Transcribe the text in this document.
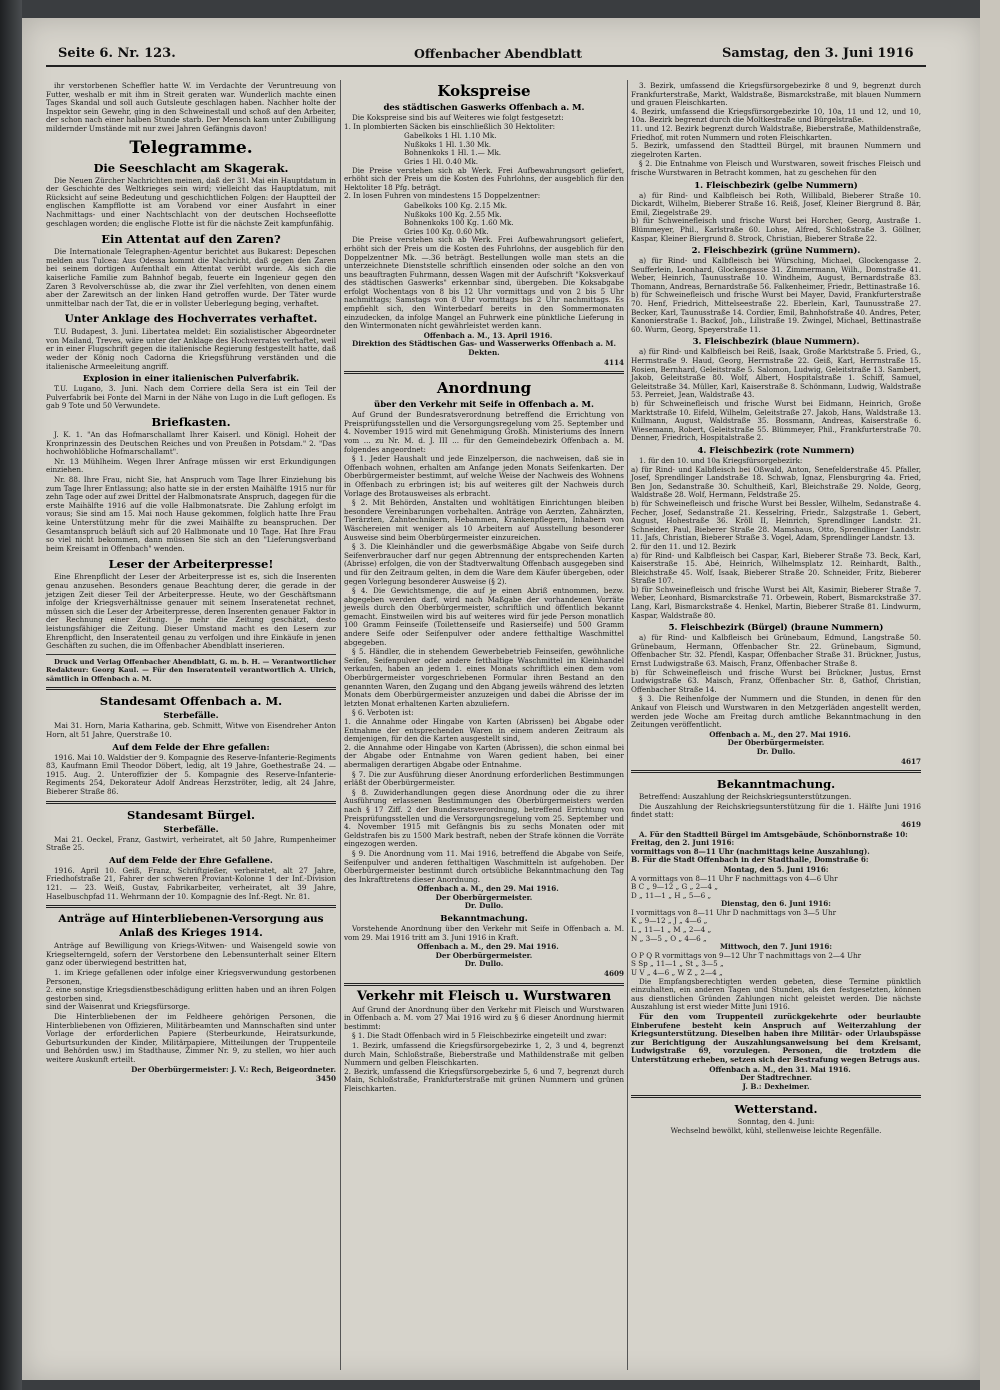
Seite 6. Nr. 123.	Offenbacher Abendblatt	Samstag, den 3. Juni 1916

ihr verstorbenen Scheffler hatte W. im Verdachte der Veruntreuung von Futter, weshalb er mit ihm in Streit geraten war. Wunderlich machte einen Tages Skandal und soll auch Gutsleute geschlagen haben. Nachher holte der Inspektor sein Gewehr, ging in den Schweinestall und schoß auf den Arbeiter, der schon nach einer halben Stunde starb. Der Mensch kam unter Zubilligung mildernder Umstände mit nur zwei Jahren Gefängnis davon!

Telegramme.
Die Seeschlacht am Skagerak.

Die Neuen Zürcher Nachrichten meinen, daß der 31. Mai ein Hauptdatum in der Geschichte des Weltkrieges sein wird; vielleicht das Hauptdatum, mit Rücksicht auf seine Bedeutung und geschichtlichen Folgen: der Hauptteil der englischen Kampfflotte ist am Vorabend vor einer Ausfahrt in einer Nachmittags- und einer Nachtschlacht von der deutschen Hochseeflotte geschlagen worden; die englische Flotte ist für die nächste Zeit kampfunfähig.

Ein Attentat auf den Zaren?

Die Internationale Telegraphen-Agentur berichtet aus Bukarest: Depeschen melden aus Tulcea: Aus Odessa kommt die Nachricht, daß gegen den Zaren bei seinem dortigen Aufenthalt ein Attentat verübt wurde. Als sich die kaiserliche Familie zum Bahnhof begab, feuerte ein Ingenieur gegen den Zaren 3 Revolverschüsse ab, die zwar ihr Ziel verfehlten, von denen einem aber der Zarewitsch an der linken Hand getroffen wurde. Der Täter wurde unmittelbar nach der Tat, die er in vollster Ueberlegung beging, verhaftet.

Unter Anklage des Hochverrates verhaftet.

T.U. Budapest, 3. Juni. Libertatea meldet: Ein sozialistischer Abgeordneter von Mailand, Treves, wäre unter der Anklage des Hochverrates verhaftet, weil er in einer Flugschrift gegen die italienische Regierung festgestellt hatte, daß weder der König noch Cadorna die Kriegsführung verständen und die italienische Armeeleitung angriff.

Explosion in einer italienischen Pulverfabrik.

T.U. Lugano, 3. Juni. Nach dem Corriere della Sera ist ein Teil der Pulverfabrik bei Fonte del Marni in der Nähe von Lugo in die Luft geflogen. Es gab 9 Tote und 50 Verwundete.

Briefkasten.

J. K. 1. "An das Hofmarschallamt Ihrer Kaiserl. und Königl. Hoheit der Kronprinzessin des Deutschen Reiches und von Preußen in Potsdam." 2. "Das hochwohlöbliche Hofmarschallamt".

Nr. 13 Mühlheim. Wegen Ihrer Anfrage müssen wir erst Erkundigungen einziehen.

Nr. 88. Ihre Frau, nicht Sie, hat Anspruch vom Tage Ihrer Einziehung bis zum Tage Ihrer Entlassung; also hatte sie in der ersten Maihälfte 1915 nur für zehn Tage oder auf zwei Drittel der Halbmonatsrate Anspruch, dagegen für die erste Maihälfte 1916 auf die volle Halbmonatsrate. Die Zahlung erfolgt im voraus; Sie sind am 15. Mai noch Hause gekommen, folglich hatte Ihre Frau keine Unterstützung mehr für die zwei Maihälfte zu beanspruchen. Der Gesamtanspruch beläuft sich auf 20 Halbmonate und 10 Tage. Hat Ihre Frau so viel nicht bekommen, dann müssen Sie sich an den "Lieferungsverband beim Kreisamt in Offenbach" wenden.

Leser der Arbeiterpresse!

Eine Ehrenpflicht der Leser der Arbeiterpresse ist es, sich die Inserenten genau anzusehen. Besonders genaue Beachtung derer, die gerade in der jetzigen Zeit dieser Teil der Arbeiterpresse. Heute, wo der Geschäftsmann infolge der Kriegsverhältnisse genauer mit seinem Inseratenetat rechnet, müssen sich die Leser der Arbeiterpresse, deren Inserenten genauer Faktor in der Rechnung einer Zeitung. Je mehr die Zeitung geschätzt, desto leistungsfähiger die Zeitung. Dieser Umstand macht es den Lesern zur Ehrenpflicht, den Inseratenteil genau zu verfolgen und ihre Einkäufe in jenen Geschäften zu suchen, die im Offenbacher Abendblatt inserieren.

Druck und Verlag Offenbacher Abendblatt, G. m. b. H. — Verantwortlicher Redakteur: Georg Kaul. — Für den Inseratenteil verantwortlich A. Ulrich, sämtlich in Offenbach a. M.

Standesamt Offenbach a. M.
Sterbefälle.

Mai 31. Horn, Maria Katharina, geb. Schmitt, Witwe von Eisendreher Anton Horn, alt 51 Jahre, Querstraße 10.

Auf dem Felde der Ehre gefallen:

1916. Mai 10. Waldstier der 9. Kompagnie des Reserve-Infanterie-Regiments 83, Kaufmann Emil Theodor Döbert, ledig, alt 19 Jahre, Goethestraße 24. — 1915. Aug. 2. Unteroffizier der 5. Kompagnie des Reserve-Infanterie-Regiments 254, Dekorateur Adolf Andreas Herzströter, ledig, alt 24 Jahre, Bieberer Straße 86.

Standesamt Bürgel.
Sterbefälle.

Mai 21. Oeckel, Franz, Gastwirt, verheiratet, alt 50 Jahre, Rumpenheimer Straße 25.

Auf dem Felde der Ehre Gefallene.

1916. April 10. Geiß, Franz, Schriftgießer, verheiratet, alt 27 Jahre, Friedhofstraße 21, Fahrer der schweren Proviant-Kolonne 1 der Inf.-Division 121. — 23. Weiß, Gustav, Fabrikarbeiter, verheiratet, alt 39 Jahre, Haselbuschpfad 11. Wehrmann der 10. Kompagnie des Inf.-Regt. Nr. 81.

Anträge auf Hinterbliebenen-Versorgung aus Anlaß des Krieges 1914.

Anträge auf Bewilligung von Kriegs-Witwen- und Waisengeld sowie von Kriegselterngeld, sofern der Verstorbene den Lebensunterhalt seiner Eltern ganz oder überwiegend bestritten hat,

1. im Kriege gefallenen oder infolge einer Kriegsverwundung gestorbenen Personen,
2. eine sonstige Kriegsdienstbeschädigung erlitten haben und an ihren Folgen gestorben sind,
sind der Waisenrat und Kriegsfürsorge.

Die Hinterbliebenen der im Feldheere gehörigen Personen, die Hinterbliebenen von Offizieren, Militärbeamten und Mannschaften sind unter Vorlage der erforderlichen Papiere (Sterbeurkunde, Heiratsurkunde, Geburtsurkunden der Kinder, Militärpapiere, Mitteilungen der Truppenteile und Behörden usw.) im Stadthause, Zimmer Nr. 9, zu stellen, wo hier auch weitere Auskunft erteilt.

Der Oberbürgermeister: J. V.: Rech, Beigeordneter.

3450

Kokspreise
des städtischen Gaswerks Offenbach a. M.

Die Kokspreise sind bis auf Weiteres wie folgt festgesetzt:
1. In plombierten Säcken bis einschließlich 30 Hektoliter:

Gabelkoks 1 Hl. 1.10 Mk.
Nußkoks 1 Hl. 1.30 Mk.
Bohnenkoks 1 Hl. 1.— Mk.
Gries 1 Hl. 0.40 Mk.

Die Preise verstehen sich ab Werk. Frei Aufbewahrungsort geliefert, erhöht sich der Preis um die Kosten des Fuhrlohns, der ausgeblich für den Hektoliter 18 Pfg. beträgt.
2. In losen Fuhren von mindestens 15 Doppelzentner:

Gabelkoks 100 Kg. 2.15 Mk.
Nußkoks 100 Kg. 2.55 Mk.
Bohnenkoks 100 Kg. 1.60 Mk.
Gries 100 Kg. 0.60 Mk.

Die Preise verstehen sich ab Werk. Frei Aufbewahrungsort geliefert, erhöht sich der Preis um die Kosten des Fuhrlohns, der ausgeblich für den Doppelzentner Mk. —.36 beträgt. Bestellungen wolle man stets an die unterzeichnete Dienststelle schriftlich einsenden oder solche an den von uns beauftragten Fuhrmann, dessen Wagen mit der Aufschrift "Koksverkauf des städtischen Gaswerks" erkennbar sind, übergeben. Die Koksabgabe erfolgt Wochentags von 8 bis 12 Uhr vormittags und von 2 bis 5 Uhr nachmittags; Samstags von 8 Uhr vormittags bis 2 Uhr nachmittags. Es empfiehlt sich, den Winterbedarf bereits in den Sommermonaten einzudecken, da infolge Mangel an Fuhrwerk eine pünktliche Lieferung in den Wintermonaten nicht gewährleistet werden kann.

Offenbach a. M., 13. April 1916.
Direktion des Städtischen Gas- und Wasserwerks Offenbach a. M.
Dekten.

4114

Anordnung
über den Verkehr mit Seife in Offenbach a. M.

Auf Grund der Bundesratsverordnung betreffend die Errichtung von Preisprüfungsstellen und die Versorgungsregelung vom 25. September und 4. November 1915 wird mit Genehmigung Großh. Ministeriums des Innern vom ... zu Nr. M. d. J. III ... für den Gemeindebezirk Offenbach a. M. folgendes angeordnet:

§ 1. Jeder Haushalt und jede Einzelperson, die nachweisen, daß sie in Offenbach wohnen, erhalten am Anfange jeden Monats Seifenkarten. Der Oberbürgermeister bestimmt, auf welche Weise der Nachweis des Wohnens in Offenbach zu erbringen ist; bis auf weiteres gilt der Nachweis durch Vorlage des Brotausweises als erbracht.

§ 2. Mit Behörden, Anstalten und wohltätigen Einrichtungen bleiben besondere Vereinbarungen vorbehalten. Anträge von Aerzten, Zahnärzten, Tierärzten, Zahntechnikern, Hebammen, Krankenpflegern, Inhabern von Wäschereien mit weniger als 10 Arbeitern auf Ausstellung besonderer Ausweise sind beim Oberbürgermeister einzureichen.

§ 3. Die Kleinhändler und die gewerbsmäßige Abgabe von Seife durch Seifenverbraucher darf nur gegen Abtrennung der entsprechenden Karten (Abrisse) erfolgen, die von der Stadtverwaltung Offenbach ausgegeben sind und für den Zeitraum gelten, in dem die Ware dem Käufer übergeben, oder gegen Vorlegung besonderer Ausweise (§ 2).

§ 4. Die Gewichtsmenge, die auf je einen Abriß entnommen, bezw. abgegeben werden darf, wird nach Maßgabe der vorhandenen Vorräte jeweils durch den Oberbürgermeister, schriftlich und öffentlich bekannt gemacht. Einstweilen wird bis auf weiteres wird für jede Person monatlich 100 Gramm Feinseife (Toilettenseife und Rasierseife) und 500 Gramm andere Seife oder Seifenpulver oder andere fetthaltige Waschmittel abgegeben.

§ 5. Händler, die in stehendem Gewerbebetrieb Feinseifen, gewöhnliche Seifen, Seifenpulver oder andere fetthaltige Waschmittel im Kleinhandel verkaufen, haben an jedem 1. eines Monats schriftlich einen dem vom Oberbürgermeister vorgeschriebenen Formular ihren Bestand an den genannten Waren, den Zugang und den Abgang jeweils während des letzten Monats dem Oberbürgermeister anzuzeigen und dabei die Abrisse der im letzten Monat erhaltenen Karten abzuliefern.

§ 6. Verboten ist:
1. die Annahme oder Hingabe von Karten (Abrissen) bei Abgabe oder Entnahme der entsprechenden Waren in einem anderen Zeitraum als demjenigen, für den die Karten ausgestellt sind,
2. die Annahme oder Hingabe von Karten (Abrissen), die schon einmal bei der Abgabe oder Entnahme von Waren gedient haben, bei einer abermaligen derartigen Abgabe oder Entnahme.

§ 7. Die zur Ausführung dieser Anordnung erforderlichen Bestimmungen erläßt der Oberbürgermeister.

§ 8. Zuwiderhandlungen gegen diese Anordnung oder die zu ihrer Ausführung erlassenen Bestimmungen des Oberbürgermeisters werden nach § 17 Ziff. 2 der Bundesratsverordnung, betreffend Errichtung von Preisprüfungsstellen und die Versorgungsregelung vom 25. September und 4. November 1915 mit Gefängnis bis zu sechs Monaten oder mit Geldstrafen bis zu 1500 Mark bestraft, neben der Strafe können die Vorräte eingezogen werden.

§ 9. Die Anordnung vom 11. Mai 1916, betreffend die Abgabe von Seife, Seifenpulver und anderen fetthaltigen Waschmitteln ist aufgehoben. Der Oberbürgermeister bestimmt durch ortsübliche Bekanntmachung den Tag des Inkrafttretens dieser Anordnung.

Offenbach a. M., den 29. Mai 1916.
Der Oberbürgermeister.
Dr. Dullo.

Bekanntmachung.

Vorstehende Anordnung über den Verkehr mit Seife in Offenbach a. M. vom 29. Mai 1916 tritt am 3. Juni 1916 in Kraft.

Offenbach a. M., den 29. Mai 1916.
Der Oberbürgermeister.
Dr. Dullo.

4609

Verkehr mit Fleisch u. Wurstwaren

Auf Grund der Anordnung über den Verkehr mit Fleisch und Wurstwaren in Offenbach a. M. vom 27 Mai 1916 wird zu § 6 dieser Anordnung hiermit bestimmt:

§ 1. Die Stadt Offenbach wird in 5 Fleischbezirke eingeteilt und zwar:

1. Bezirk, umfassend die Kriegsfürsorgebezirke 1, 2, 3 und 4, begrenzt durch Main, Schloßstraße, Bieberstraße und Mathildenstraße mit gelben Nummern und gelben Fleischkarten.
2. Bezirk, umfassend die Kriegsfürsorgebezirke 5, 6 und 7, begrenzt durch Main, Schloßstraße, Frankfurterstraße mit grünen Nummern und grünen Fleischkarten.

3. Bezirk, umfassend die Kriegsfürsorgebezirke 8 und 9, begrenzt durch Frankfurterstraße, Markt, Waldstraße, Bismarckstraße, mit blauen Nummern und grauen Fleischkarten.
4. Bezirk, umfassend die Kriegsfürsorgebezirke 10, 10a, 11 und 12, und 10, 10a. Bezirk begrenzt durch die Moltkestraße und Bürgelstraße.
11. und 12. Bezirk begrenzt durch Waldstraße, Bieberstraße, Mathildenstraße, Friedhof, mit roten Nummern und roten Fleischkarten.
5. Bezirk, umfassend den Stadtteil Bürgel, mit braunen Nummern und ziegelroten Karten.

§ 2. Die Entnahme von Fleisch und Wurstwaren, soweit frisches Fleisch und frische Wurstwaren in Betracht kommen, hat zu geschehen für den

1. Fleischbezirk (gelbe Nummern)

a) für Rind- und Kalbfleisch bei Roth, Willibald, Bieberer Straße 10. Dickardt, Wilhelm, Bieberer Straße 16. Reiß, Josef, Kleiner Biergrund 8. Bär, Emil, Ziegelstraße 29.
b) für Schweinefleisch und frische Wurst bei Horcher, Georg, Austraße 1. Blümmeyer, Phil., Karlstraße 60. Lohse, Alfred, Schloßstraße 3. Göllner, Kaspar, Kleiner Biergrund 8. Strock, Christian, Bieberer Straße 22.

2. Fleischbezirk (grüne Nummern).

a) für Rind- und Kalbfleisch bei Würsching, Michael, Glockengasse 2. Seufferlein, Leonhard, Glockengasse 31. Zimmermann, Wilh., Domstraße 41. Weber, Heinrich, Taunusstraße 10. Windheim, August, Bernardstraße 83. Thomann, Andreas, Bernardstraße 56. Falkenheimer, Friedr., Bettinastraße 16.
b) für Schweinefleisch und frische Wurst bei Mayer, David, Frankfurterstraße 70. Henf, Friedrich, Mittelseestraße 22. Eberlein, Karl, Taunusstraße 27. Becker, Karl, Taunusstraße 14. Cordier, Emil, Bahnhofstraße 40. Andres, Peter, Kanonierstraße 1. Backof, Joh., Lilistraße 19. Zwingel, Michael, Bettinastraße 60. Wurm, Georg, Speyerstraße 11.

3. Fleischbezirk (blaue Nummern).

a) für Rind- und Kalbfleisch bei Reiß, Isaak, Große Marktstraße 5. Fried, G., Herrnstraße 9. Haud, Georg, Herrnstraße 22. Geiß, Karl, Herrnstraße 15. Rosien, Bernhard, Geleitstraße 5. Salomon, Ludwig, Geleitstraße 13. Sambert, Jakob, Geleitstraße 80. Wolf, Albert, Hospitalstraße 1. Schiff, Samuel, Geleitstraße 34. Müller, Karl, Kaiserstraße 8. Schönmann, Ludwig, Waldstraße 53. Perreiet, Jean, Waldstraße 43.
b) für Schweinefleisch und frische Wurst bei Eidmann, Heinrich, Große Marktstraße 10. Eifeld, Wilhelm, Geleitstraße 27. Jakob, Hans, Waldstraße 13. Kullmann, August, Waldstraße 35. Bossmann, Andreas, Kaiserstraße 6. Wiesemann, Robert, Geleitstraße 55. Blümmeyer, Phil., Frankfurterstraße 70. Denner, Friedrich, Hospitalstraße 2.

4. Fleischbezirk (rote Nummern)

1. für den 10. und 10a Kriegsfürsorgebezirk:
a) für Rind- und Kalbfleisch bei Oßwald, Anton, Senefelderstraße 45. Pfaller, Josef, Sprendlinger Landstraße 18. Schwab, Ignaz, Flensburgring 4a. Fried, Ben Jon, Sedanstraße 30. Schultheiß, Karl, Bleichstraße 29. Nolde, Georg, Waldstraße 28. Wolf, Hermann, Feldstraße 25.
b) für Schweinefleisch und frische Wurst bei Bessler, Wilhelm, Sedanstraße 4. Fecher, Josef, Sedanstraße 21. Kesselring, Friedr., Salzgstraße 1. Gebert, August, Hohestraße 36. Kröll II, Heinrich, Sprendlinger Landstr. 21. Schneider, Paul, Bieberer Straße 28. Mamshaus, Otto, Sprendlinger Landstr. 11. Jafs, Christian, Bieberer Straße 3. Vogel, Adam, Sprendlinger Landstr. 13.
2. für den 11. und 12. Bezirk
a) für Rind- und Kalbfleisch bei Caspar, Karl, Bieberer Straße 73. Beck, Karl, Kaiserstraße 15. Abé, Heinrich, Wilhelmsplatz 12. Reinhardt, Balth., Bleichstraße 45. Wolf, Isaak, Bieberer Straße 20. Schneider, Fritz, Bieberer Straße 107.
b) für Schweinefleisch und frische Wurst bei Alt, Kasimir, Bieberer Straße 7. Weber, Leonhard, Bismarckstraße 71. Orbewein, Robert, Bismarckstraße 37. Lang, Karl, Bismarckstraße 4. Henkel, Martin, Bieberer Straße 81. Lindwurm, Kaspar, Waldstraße 80.

5. Fleischbezirk (Bürgel) (braune Nummern)

a) für Rind- und Kalbfleisch bei Grünebaum, Edmund, Langstraße 50. Grünebaum, Hermann, Offenbacher Str. 22. Grünebaum, Sigmund, Offenbacher Str. 32. Pfendl, Kaspar, Offenbacher Straße 31. Brückner, Justus, Ernst Ludwigstraße 63. Maisch, Franz, Offenbacher Straße 8.
b) für Schweinefleisch und frische Wurst bei Brückner, Justus, Ernst Ludwigstraße 63. Maisch, Franz, Offenbacher Str. 8, Gathof, Christian, Offenbacher Straße 14.

§ 3. Die Reihenfolge der Nummern und die Stunden, in denen für den Ankauf von Fleisch und Wurstwaren in den Metzgerläden angestellt werden, werden jede Woche am Freitag durch amtliche Bekanntmachung in den Zeitungen veröffentlicht.

Offenbach a. M., den 27. Mai 1916.
Der Oberbürgermeister.
Dr. Dullo.

4617

Bekanntmachung.

Betreffend: Auszahlung der Reichskriegsunterstützungen.

Die Auszahlung der Reichskriegsunterstützung für die 1. Hälfte Juni 1916 findet statt:

4619

A. Für den Stadtteil Bürgel im Amtsgebäude, Schönbornstraße 10:
Freitag, den 2. Juni 1916:
vormittags von 8—11 Uhr (nachmittags keine Auszahlung).
B. Für die Stadt Offenbach in der Stadthalle, Domstraße 6:

Montag, den 5. Juni 1916:
A vormittags von 8—11 Uhr F nachmittags von 4—6 Uhr
B C „ 9—12 „ G „ 2—4 „
D „ 11—1 „ H „ 5—6 „
Dienstag, den 6. Juni 1916:
I vormittags von 8—11 Uhr D nachmittags von 3—5 Uhr
K „ 9—12 „ J „ 4—6 „
L „ 11—1 „ M „ 2—4 „
N „ 3—5 „ O „ 4—6 „
Mittwoch, den 7. Juni 1916:
O P Q R vormittags von 9—12 Uhr T nachmittags von 2—4 Uhr
S Sp „ 11—1 „ St „ 3—5 „
U V „ 4—6 „ W Z „ 2—4 „

Die Empfangsberechtigten werden gebeten, diese Termine pünktlich einzuhalten, ein anderen Tagen und Stunden, als den festgesetzten, können aus dienstlichen Gründen Zahlungen nicht geleistet werden. Die nächste Auszahlung ist erst wieder Mitte Juni 1916.

Für den vom Truppenteil zurückgekehrte oder beurlaubte Einberufene besteht kein Anspruch auf Weiterzahlung der Kriegsunterstützung. Dieselben haben ihre Militär- oder Urlaubspässe zur Berichtigung der Auszahlungsanweisung bei dem Kreisamt, Ludwigstraße 69, vorzulegen. Personen, die trotzdem die Unterstützung erheben, setzen sich der Bestrafung wegen Betrugs aus.

Offenbach a. M., den 31. Mai 1916.
Der Stadtrechner.
J. B.: Dexheimer.

Wetterstand.

Sonntag, den 4. Juni:
Wechselnd bewölkt, kühl, stellenweise leichte Regenfälle.
